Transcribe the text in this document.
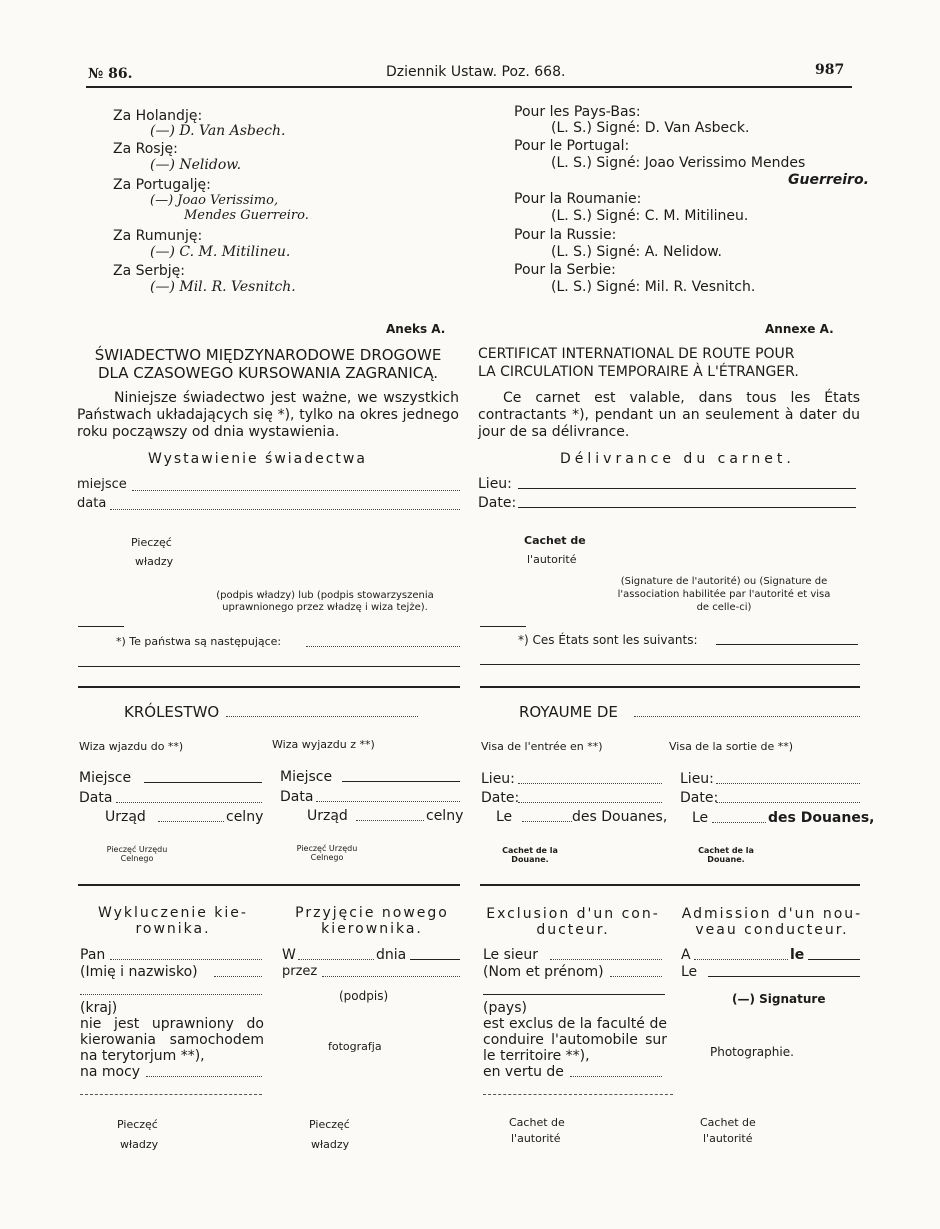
№ 86.	Dziennik Ustaw. Poz. 668.	987
Za Holandję:
(—) D. Van Asbech.
Za Rosję:
(—) Nelidow.
Za Portugalję:
(—) Joao Verissimo,
Mendes Guerreiro.
Za Rumunję:
(—) C. M. Mitilineu.
Za Serbję:
(—) Mil. R. Vesnitch.
Pour les Pays-Bas:
(L. S.) Signé: D. Van Asbeck.
Pour le Portugal:
(L. S.) Signé: Joao Verissimo Mendes
Guerreiro.
Pour la Roumanie:
(L. S.) Signé: C. M. Mitilineu.
Pour la Russie:
(L. S.) Signé: A. Nelidow.
Pour la Serbie:
(L. S.) Signé: Mil. R. Vesnitch.
Aneks A.	Annexe A.
ŚWIADECTWO MIĘDZYNARODOWE DROGOWE
DLA CZASOWEGO KURSOWANIA ZAGRANICĄ.
CERTIFICAT INTERNATIONAL DE ROUTE POUR
LA CIRCULATION TEMPORAIRE À L'ÉTRANGER.
Niniejsze świadectwo jest ważne, we wszystkich Państwach układających się *), tylko na okres jednego roku począwszy od dnia wystawienia.
Ce carnet est valable, dans tous les États contractants *), pendant un an seulement à dater du jour de sa délivrance.
Wystawienie świadectwa	Délivrance du carnet.
miejsce
data
Lieu:
Date:
Pieczęć
władzy
Cachet de
l'autorité
(podpis władzy) lub (podpis stowarzyszenia
uprawnionego przez władzę i wiza tejże).
(Signature de l'autorité) ou (Signature de
l'association habilitée par l'autorité et visa
de celle-ci)
*) Te państwa są następujące:	*) Ces États sont les suivants:
KRÓLESTWO	ROYAUME DE
Wiza wjazdu do **)	Wiza wyjazdu z **)	Visa de l'entrée en **)	Visa de la sortie de **)
Miejsce
Data
Urząd	celny
Miejsce
Data
Urząd	celny
Lieu:
Date:
Le	des Douanes,
Lieu:
Date:
Le	des Douanes,
Pieczęć Urzędu
Celnego
Pieczęć Urzędu
Celnego
Cachet de la
Douane.
Cachet de la
Douane.
Wykluczenie kie-
rownika.
Przyjęcie nowego
kierownika.
Pan
(Imię i nazwisko)
(kraj)
nie jest uprawniony do kierowania samochodem na terytorjum **),
na mocy
W	dnia
przez
(podpis)
fotografja
Pieczęć
władzy
Pieczęć
władzy
Exclusion d'un con-
ducteur.
Admission d'un nou-
veau conducteur.
Le sieur
(Nom et prénom)
(pays)
est exclus de la faculté de conduire l'automobile sur le territoire **),
en vertu de
A	le
Le
(—) Signature
Photographie.
Cachet de
l'autorité
Cachet de
l'autorité
